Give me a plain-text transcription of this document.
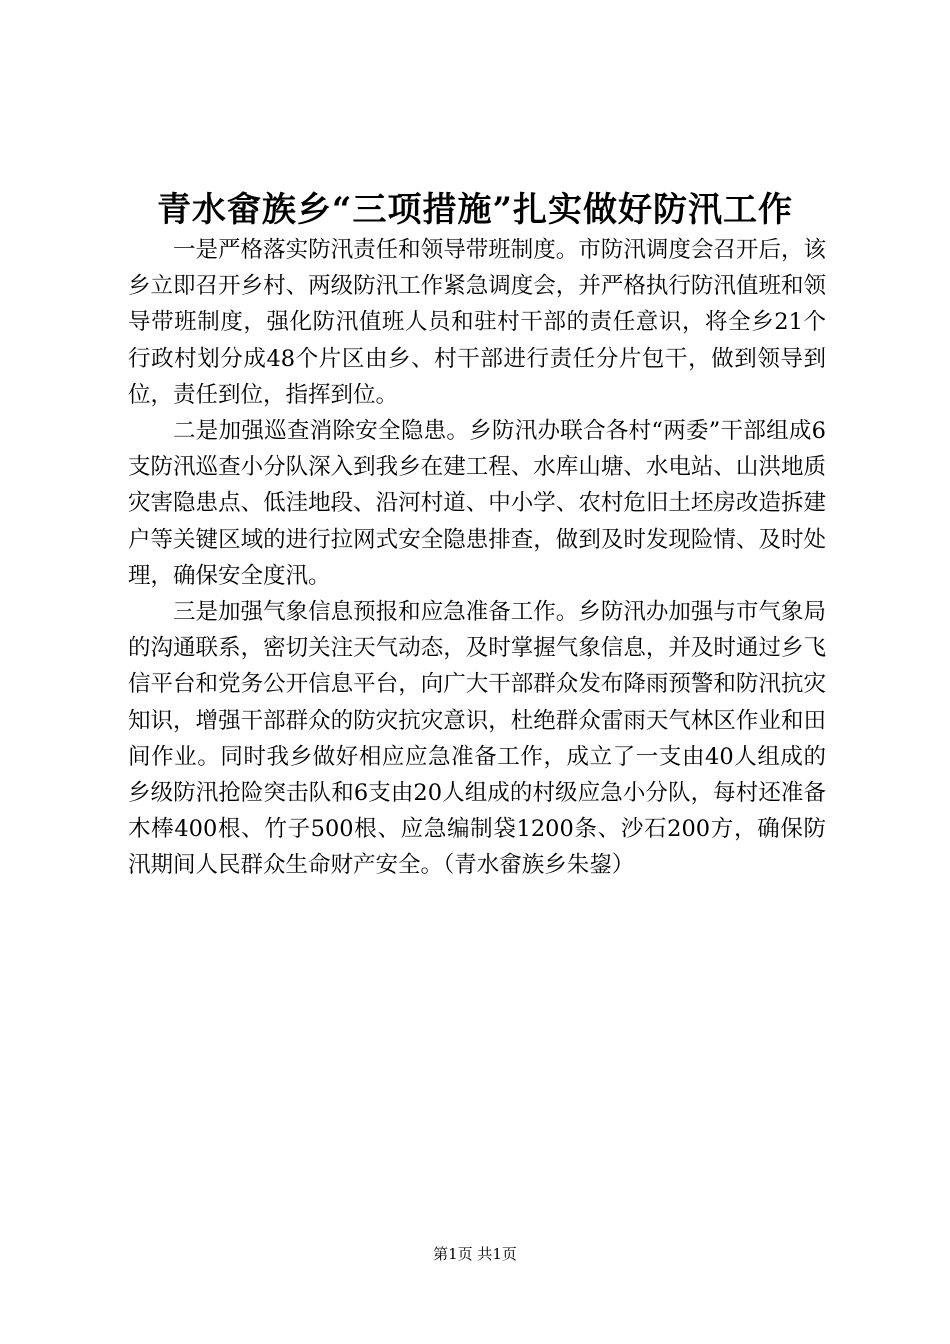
青水畲族乡“三项措施”扎实做好防汛工作

一是严格落实防汛责任和领导带班制度。市防汛调度会召开后，该乡立即召开乡村、两级防汛工作紧急调度会，并严格执行防汛值班和领导带班制度，强化防汛值班人员和驻村干部的责任意识，将全乡21个行政村划分成48个片区由乡、村干部进行责任分片包干，做到领导到位，责任到位，指挥到位。

二是加强巡查消除安全隐患。乡防汛办联合各村“两委”干部组成6支防汛巡查小分队深入到我乡在建工程、水库山塘、水电站、山洪地质灾害隐患点、低洼地段、沿河村道、中小学、农村危旧土坯房改造拆建户等关键区域的进行拉网式安全隐患排查，做到及时发现险情、及时处理，确保安全度汛。

三是加强气象信息预报和应急准备工作。乡防汛办加强与市气象局的沟通联系，密切关注天气动态，及时掌握气象信息，并及时通过乡飞信平台和党务公开信息平台，向广大干部群众发布降雨预警和防汛抗灾知识，增强干部群众的防灾抗灾意识，杜绝群众雷雨天气林区作业和田间作业。同时我乡做好相应应急准备工作，成立了一支由40人组成的乡级防汛抢险突击队和6支由20人组成的村级应急小分队，每村还准备木棒400根、竹子500根、应急编制袋1200条、沙石200方，确保防汛期间人民群众生命财产安全。（青水畲族乡朱鋆）

第1页 共1页
